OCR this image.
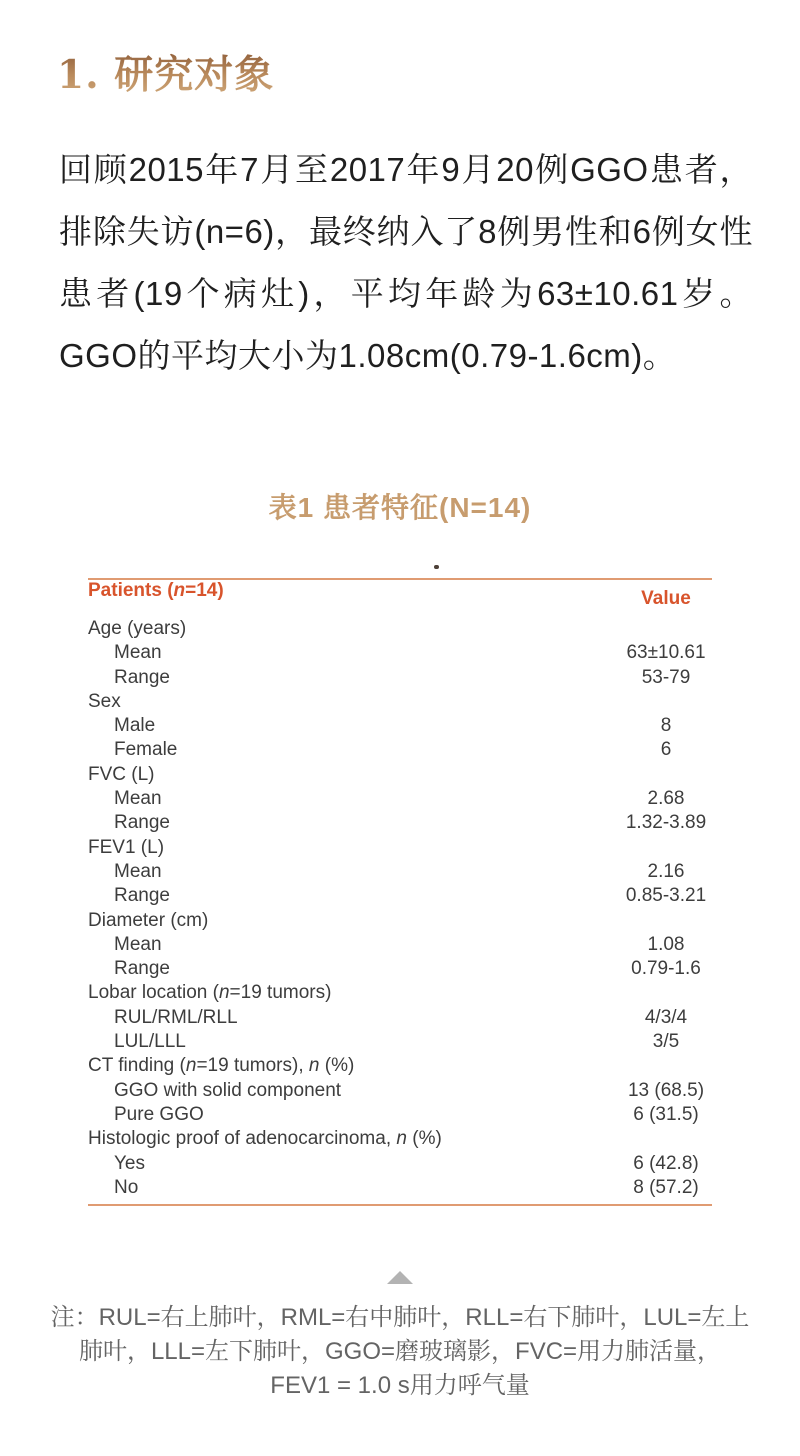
1. 研究对象
回顾2015年7月至2017年9月20例GGO患者，排除失访(n=6)，最终纳入了8例男性和6例女性患者(19个病灶)，平均年龄为63±10.61岁。GGO的平均大小为1.08cm(0.79-1.6cm)。
表1 患者特征(N=14)
Patients (n=14)	Value
Age (years)
Mean	63±10.61
Range	53-79
Sex
Male	8
Female	6
FVC (L)
Mean	2.68
Range	1.32-3.89
FEV1 (L)
Mean	2.16
Range	0.85-3.21
Diameter (cm)
Mean	1.08
Range	0.79-1.6
Lobar location (n=19 tumors)
RUL/RML/RLL	4/3/4
LUL/LLL	3/5
CT finding (n=19 tumors), n (%)
GGO with solid component	13 (68.5)
Pure GGO	6 (31.5)
Histologic proof of adenocarcinoma, n (%)
Yes	6 (42.8)
No	8 (57.2)
注：RUL=右上肺叶，RML=右中肺叶，RLL=右下肺叶，LUL=左上肺叶，LLL=左下肺叶，GGO=磨玻璃影，FVC=用力肺活量，FEV1 = 1.0 s用力呼气量
